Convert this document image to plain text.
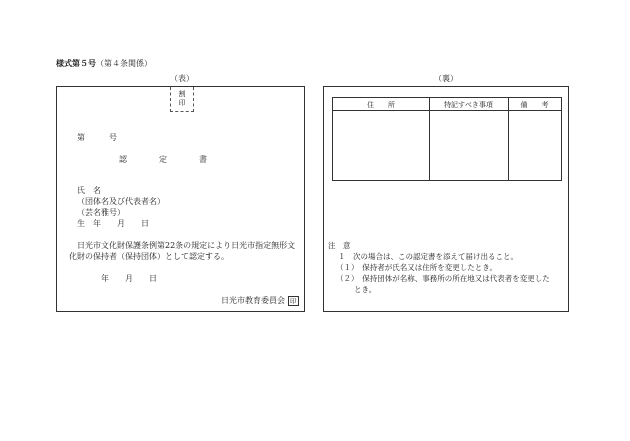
様式第５号（第４条関係）
（表）	（裏）
割
印
第　　　号
認　　　　定　　　　書
氏　名
（団体名及び代表者名）
（芸名雅号）
生　年　　月　　日
日光市文化財保護条例第22条の規定により日光市指定無形文
化財の保持者（保持団体）として認定する。
年　　月　　日
日光市教育委員会 印
住　　所	特記すべき事項	備　　考
注　意
１　次の場合は、この認定書を添えて届け出ること。
（１）　保持者が氏名又は住所を変更したとき。
（２）　保持団体が名称、事務所の所在地又は代表者を変更した
とき。
